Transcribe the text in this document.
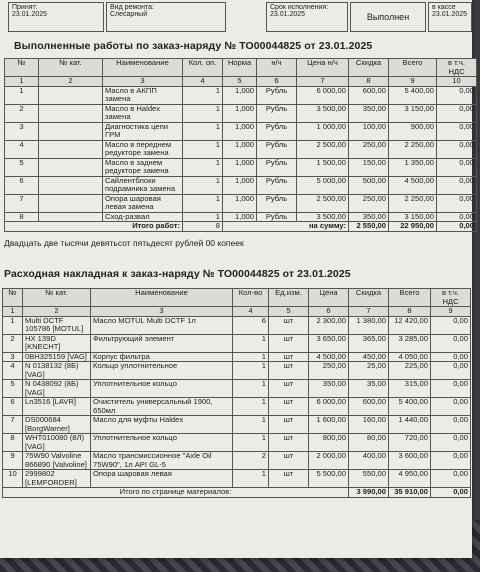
Принят:
23.01.2025
Вид ремонта:
Слесарный
Срок исполнения:
23.01.2025	Выполнен
в кассе
23.01.2025
Выполненные работы по заказ-наряду № ТО00044825 от 23.01.2025
№	№ кат.	Наименование	Кол. оп.	Норма	н/ч	Цена н/ч	Скидка	Всего	в т.ч. НДС
1	2	3	4	5	6	7	8	9	10
1		Масло в АКПП замена	1	1,000	Рубль	6 000,00	600,00	5 400,00	0,00
2		Масло в Haldex замена	1	1,000	Рубль	3 500,00	350,00	3 150,00	0,00
3		Диагностика цепи ГРМ	1	1,000	Рубль	1 000,00	100,00	900,00	0,00
4		Масло в переднем редукторе замена	1	1,000	Рубль	2 500,00	250,00	2 250,00	0,00
5		Масло в заднем редукторе замена	1	1,000	Рубль	1 500,00	150,00	1 350,00	0,00
6		Сайлентблоки подрамника замена	1	1,000	Рубль	5 000,00	500,00	4 500,00	0,00
7		Опора шаровая левая замена	1	1,000	Рубль	2 500,00	250,00	2 250,00	0,00
8		Сход-развал	1	1,000	Рубль	3 500,00	350,00	3 150,00	0,00
Итого работ:			8	на сумму:			2 550,00	22 950,00	0,00
Двадцать две тысячи девятьсот пятьдесят рублей 00 копеек
Расходная накладная к заказ-наряду № ТО00044825 от 23.01.2025
№	№ кат.	Наименование	Кол-во	Ед.изм.	Цена	Скидка	Всего	в т.ч. НДС
1	2	3	4	5	6	7	8	9
1	Multi DCTF 105786 [MOTUL]	Масло MOTUL Multi DCTF 1л	6	шт	2 300,00	1 380,00	12 420,00	0,00
2	HX 139D [KNECHT]	Фильтрующий элемент	1	шт	3 650,00	365,00	3 285,00	0,00
3	0BH325159 [VAG]	Корпус фильтра	1	шт	4 500,00	450,00	4 050,00	0,00
4	N 0138132 (8Б) [VAG]	Кольцо уплотнительное	1	шт	250,00	25,00	225,00	0,00
5	N 0438092 (8Б) [VAG]	Уплотнительное кольцо	1	шт	350,00	35,00	315,00	0,00
6	Ln3516 [LAVR]	Очиститель универсальный 1900, 650мл	1	шт	6 000,00	600,00	5 400,00	0,00
7	DS000684 [BorgWarner]	Масло для муфты Haldex	1	шт	1 600,00	160,00	1 440,00	0,00
8	WHT010080 (8Л) [VAG]	Уплотнительное кольцо	1	шт	800,00	80,00	720,00	0,00
9	75W90 Valvoline 866890 [Valvoline]	Масло трансмиссионное "Axle Oil 75W90", 1л API GL-5	2	шт	2 000,00	400,00	3 600,00	0,00
10	2999802 [LEMFORDER]	Опора шаровая левая	1	шт	5 500,00	550,00	4 950,00	0,00
Итого по странице материалов:						3 990,00	35 910,00	0,00
